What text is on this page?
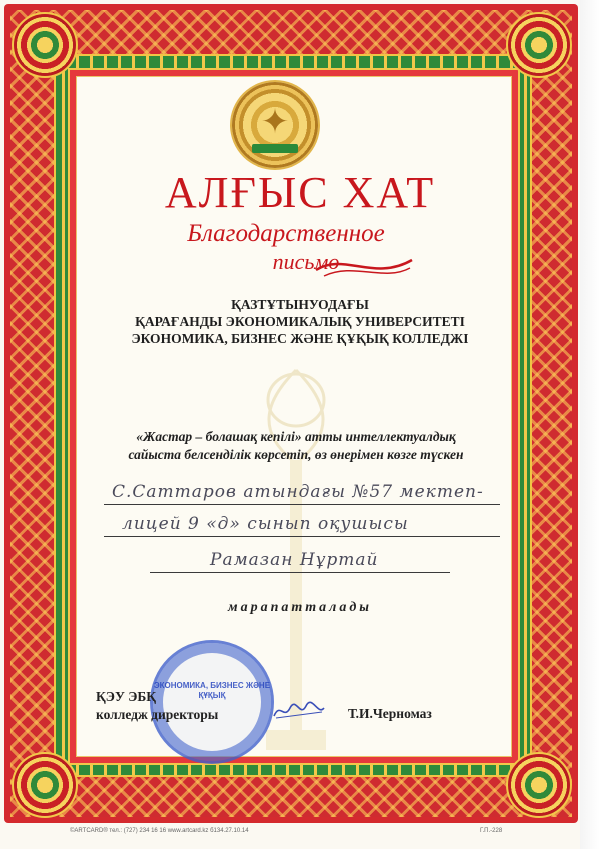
✦
АЛҒЫС ХАТ
Благодарственное
письмо
ҚАЗТҰТЫНУОДАҒЫ
ҚАРАҒАНДЫ ЭКОНОМИКАЛЫҚ УНИВЕРСИТЕТІ
ЭКОНОМИКА, БИЗНЕС ЖӘНЕ ҚҰҚЫҚ КОЛЛЕДЖІ
«Жастар – болашақ кепілі» атты интеллектуалдық
сайыста белсенділік көрсетіп, өз өнерімен көзге түскен
С.Саттаров атындағы №57 мектеп-
лицей 9 «д» сынып оқушысы
Рамазан Нұртай
марапатталады
ЭКОНОМИКА, БИЗНЕС ЖӘНЕ ҚҰҚЫҚ
ҚЭУ ЭБҚ
колледж директоры	Т.И.Черномаз
©ARTCARD® тел.: (727) 234 16 16 www.artcard.kz б134.27.10.14	Г.П.-228
